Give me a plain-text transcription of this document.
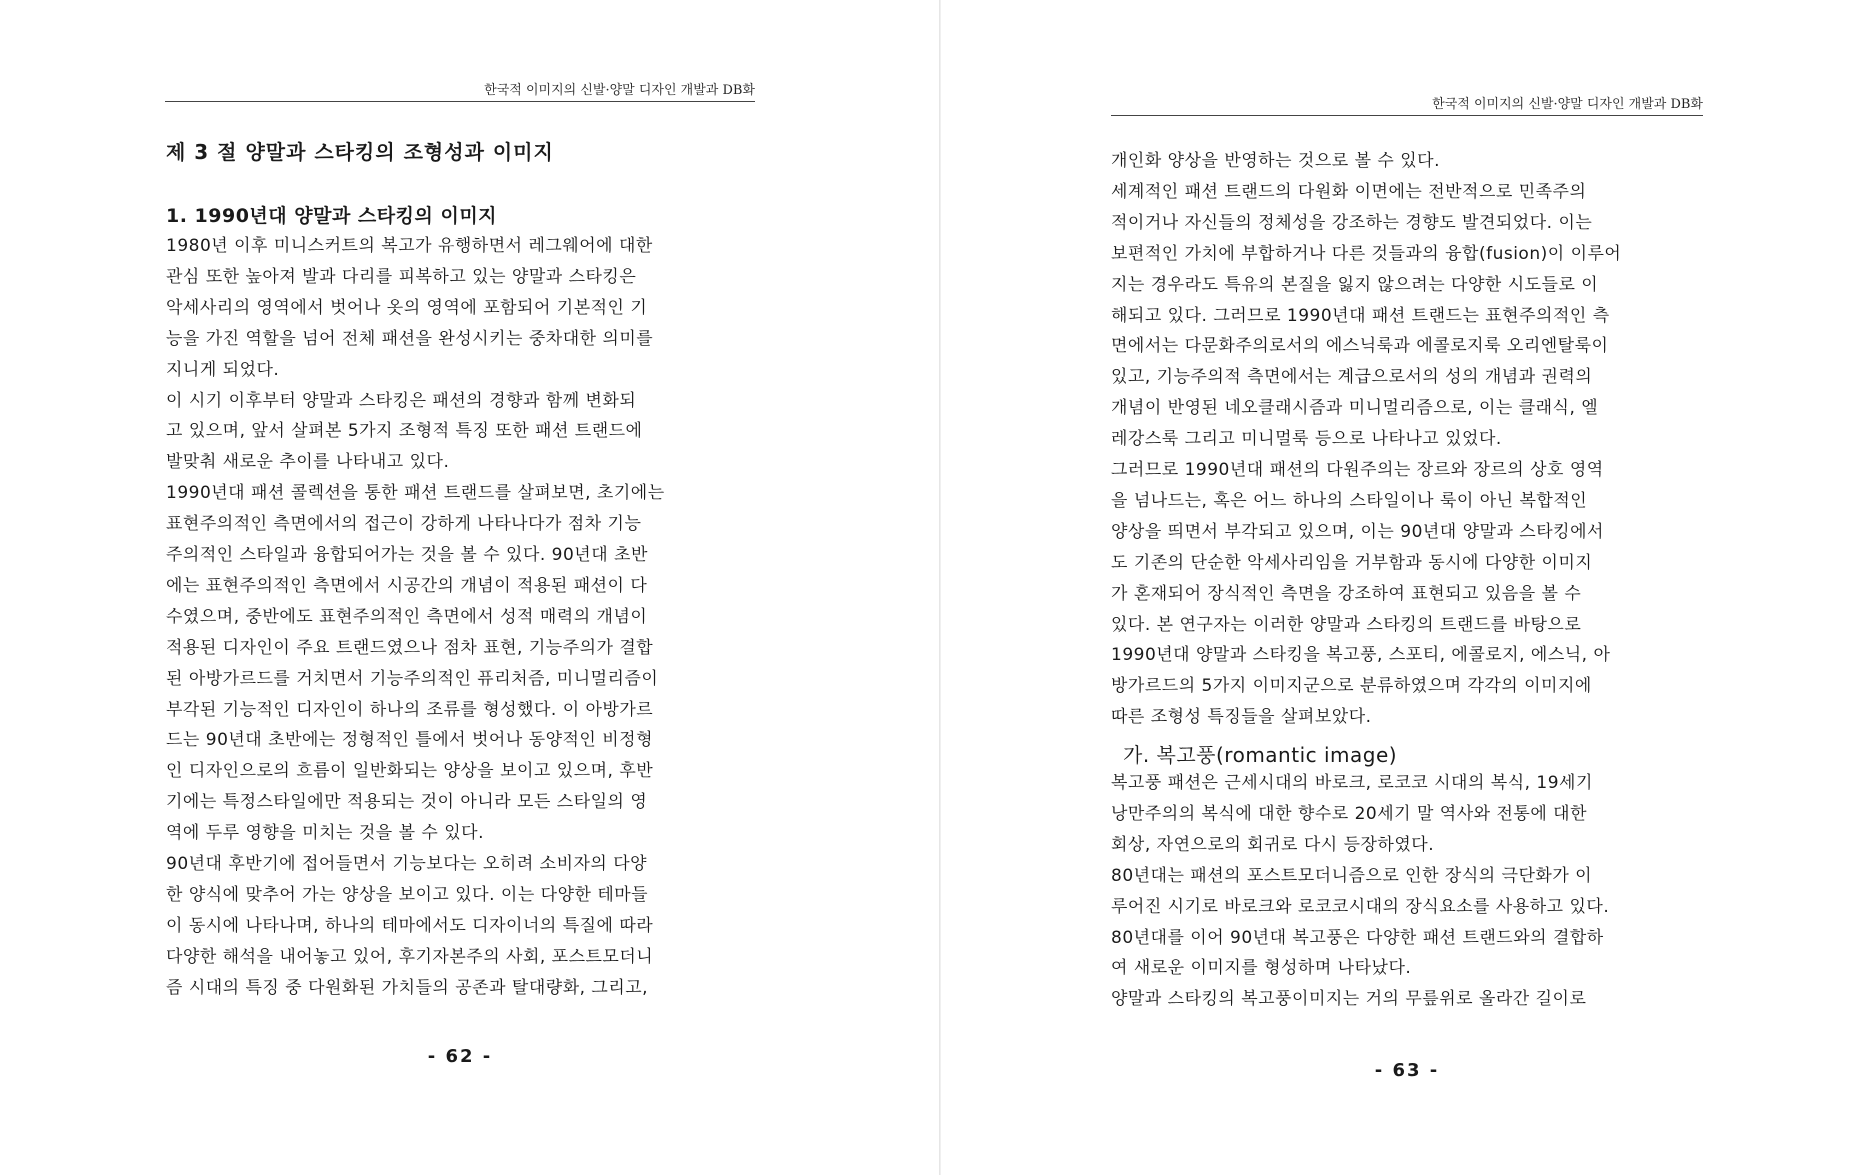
한국적 이미지의 신발·양말 디자인 개발과 DB화
제 3 절 양말과 스타킹의 조형성과 이미지
1. 1990년대 양말과 스타킹의 이미지
1980년 이후 미니스커트의 복고가 유행하면서 레그웨어에 대한
관심 또한 높아져 발과 다리를 피복하고 있는 양말과 스타킹은
악세사리의 영역에서 벗어나 옷의 영역에 포함되어 기본적인 기
능을 가진 역할을 넘어 전체 패션을 완성시키는 중차대한 의미를
지니게 되었다.
이 시기 이후부터 양말과 스타킹은 패션의 경향과 함께 변화되
고 있으며, 앞서 살펴본 5가지 조형적 특징 또한 패션 트랜드에
발맞춰 새로운 추이를 나타내고 있다.
1990년대 패션 콜렉션을 통한 패션 트랜드를 살펴보면, 초기에는
표현주의적인 측면에서의 접근이 강하게 나타나다가 점차 기능
주의적인 스타일과 융합되어가는 것을 볼 수 있다. 90년대 초반
에는 표현주의적인 측면에서 시공간의 개념이 적용된 패션이 다
수였으며, 중반에도 표현주의적인 측면에서 성적 매력의 개념이
적용된 디자인이 주요 트랜드였으나 점차 표현, 기능주의가 결합
된 아방가르드를 거치면서 기능주의적인 퓨리처즘, 미니멀리즘이
부각된 기능적인 디자인이 하나의 조류를 형성했다. 이 아방가르
드는 90년대 초반에는 정형적인 틀에서 벗어나 동양적인 비정형
인 디자인으로의 흐름이 일반화되는 양상을 보이고 있으며, 후반
기에는 특정스타일에만 적용되는 것이 아니라 모든 스타일의 영
역에 두루 영향을 미치는 것을 볼 수 있다.
90년대 후반기에 접어들면서 기능보다는 오히려 소비자의 다양
한 양식에 맞추어 가는 양상을 보이고 있다. 이는 다양한 테마들
이 동시에 나타나며, 하나의 테마에서도 디자이너의 특질에 따라
다양한 해석을 내어놓고 있어, 후기자본주의 사회, 포스트모더니
즘 시대의 특징 중 다원화된 가치들의 공존과 탈대량화, 그리고,
- 62 -
한국적 이미지의 신발·양말 디자인 개발과 DB화
개인화 양상을 반영하는 것으로 볼 수 있다.
세계적인 패션 트랜드의 다원화 이면에는 전반적으로 민족주의
적이거나 자신들의 정체성을 강조하는 경향도 발견되었다. 이는
보편적인 가치에 부합하거나 다른 것들과의 융합(fusion)이 이루어
지는 경우라도 특유의 본질을 잃지 않으려는 다양한 시도들로 이
해되고 있다. 그러므로 1990년대 패션 트랜드는 표현주의적인 측
면에서는 다문화주의로서의 에스닉룩과 에콜로지룩 오리엔탈룩이
있고, 기능주의적 측면에서는 계급으로서의 성의 개념과 권력의
개념이 반영된 네오클래시즘과 미니멀리즘으로, 이는 클래식, 엘
레강스룩 그리고 미니멀룩 등으로 나타나고 있었다.
그러므로 1990년대 패션의 다원주의는 장르와 장르의 상호 영역
을 넘나드는, 혹은 어느 하나의 스타일이나 룩이 아닌 복합적인
양상을 띄면서 부각되고 있으며, 이는 90년대 양말과 스타킹에서
도 기존의 단순한 악세사리임을 거부함과 동시에 다양한 이미지
가 혼재되어 장식적인 측면을 강조하여 표현되고 있음을 볼 수
있다. 본 연구자는 이러한 양말과 스타킹의 트랜드를 바탕으로
1990년대 양말과 스타킹을 복고풍, 스포티, 에콜로지, 에스닉, 아
방가르드의 5가지 이미지군으로 분류하였으며 각각의 이미지에
따른 조형성 특징들을 살펴보았다.
가. 복고풍(romantic image)
복고풍 패션은 근세시대의 바로크, 로코코 시대의 복식, 19세기
낭만주의의 복식에 대한 향수로 20세기 말 역사와 전통에 대한
회상, 자연으로의 회귀로 다시 등장하였다.
80년대는 패션의 포스트모더니즘으로 인한 장식의 극단화가 이
루어진 시기로 바로크와 로코코시대의 장식요소를 사용하고 있다.
80년대를 이어 90년대 복고풍은 다양한 패션 트랜드와의 결합하
여 새로운 이미지를 형성하며 나타났다.
양말과 스타킹의 복고풍이미지는 거의 무릎위로 올라간 길이로
- 63 -
